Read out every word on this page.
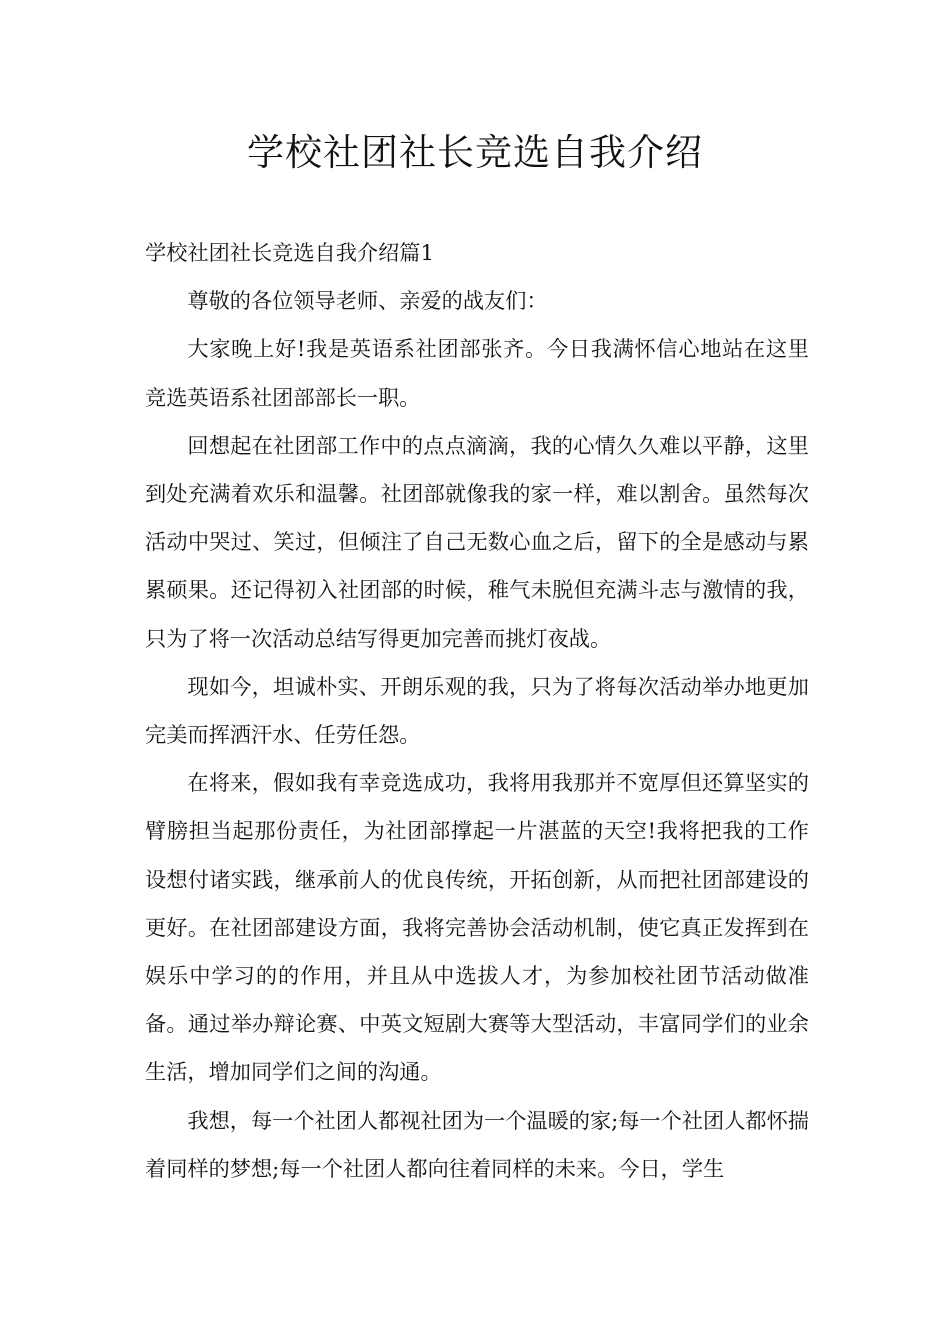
学校社团社长竞选自我介绍

学校社团社长竞选自我介绍篇1

尊敬的各位领导老师、亲爱的战友们：

大家晚上好!我是英语系社团部张齐。今日我满怀信心地站在这里竞选英语系社团部部长一职。

回想起在社团部工作中的点点滴滴，我的心情久久难以平静，这里到处充满着欢乐和温馨。社团部就像我的家一样，难以割舍。虽然每次活动中哭过、笑过，但倾注了自己无数心血之后，留下的全是感动与累累硕果。还记得初入社团部的时候，稚气未脱但充满斗志与激情的我，只为了将一次活动总结写得更加完善而挑灯夜战。

现如今，坦诚朴实、开朗乐观的我，只为了将每次活动举办地更加完美而挥洒汗水、任劳任怨。

在将来，假如我有幸竞选成功，我将用我那并不宽厚但还算坚实的臂膀担当起那份责任，为社团部撑起一片湛蓝的天空!我将把我的工作设想付诸实践，继承前人的优良传统，开拓创新，从而把社团部建设的更好。在社团部建设方面，我将完善协会活动机制，使它真正发挥到在娱乐中学习的的作用，并且从中选拔人才，为参加校社团节活动做准备。通过举办辩论赛、中英文短剧大赛等大型活动，丰富同学们的业余生活，增加同学们之间的沟通。

我想，每一个社团人都视社团为一个温暖的家;每一个社团人都怀揣着同样的梦想;每一个社团人都向往着同样的未来。今日，学生
